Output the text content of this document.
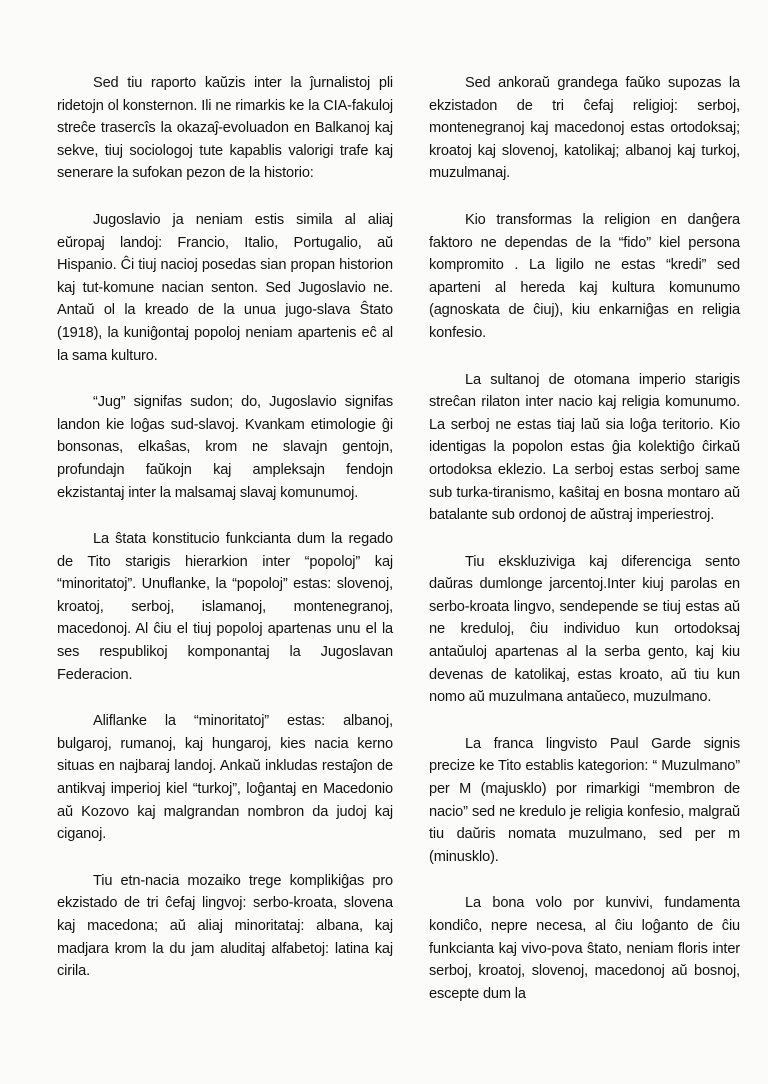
Sed tiu raporto kaŭzis inter la ĵurnalistoj pli ridetojn ol konsternon. Ili ne rimarkis ke la CIA-fakuloj streĉe trasercîs la okazaĵ-evoluadon en Balkanoj kaj sekve, tiuj sociologoj tute kapablis valorigi trafe kaj senerare la sufokan pezon de la historio:

Jugoslavio ja neniam estis simila al aliaj eŭropaj landoj: Francio, Italio, Portugalio, aŭ Hispanio. Ĉi tiuj nacioj posedas sian propan historion kaj tut-komune nacian senton. Sed Jugoslavio ne. Antaŭ ol la kreado de la unua jugo-slava Ŝtato (1918), la kuniĝontaj popoloj neniam apartenis eĉ al la sama kulturo.

“Jug” signifas sudon; do, Jugoslavio signifas landon kie loĝas sud-slavoj. Kvankam etimologie ĝi bonsonas, elkaŝas, krom ne slavajn gentojn, profundajn faŭkojn kaj ampleksajn fendojn ekzistantaj inter la malsamaj slavaj komunumoj.

La ŝtata konstitucio funkcianta dum la regado de Tito starigis hierarkion inter “popoloj” kaj “minoritatoj”. Unuflanke, la “popoloj” estas: slovenoj, kroatoj, serboj, islamanoj, montenegranoj, macedonoj. Al ĉiu el tiuj popoloj apartenas unu el la ses respublikoj komponantaj la Jugoslavan Federacion.

Aliflanke la “minoritatoj” estas: albanoj, bulgaroj, rumanoj, kaj hungaroj, kies nacia kerno situas en najbaraj landoj. Ankaŭ inkludas restaĵon de antikvaj imperioj kiel “turkoj”, loĝantaj en Macedonio aŭ Kozovo kaj malgrandan nombron da judoj kaj ciganoj.

Tiu etn-nacia mozaiko trege komplikiĝas pro ekzistado de tri ĉefaj lingvoj: serbo-kroata, slovena kaj macedona; aŭ aliaj minoritataj: albana, kaj madjara krom la du jam aluditaj alfabetoj: latina kaj cirila.

Sed ankoraŭ grandega faŭko supozas la ekzistadon de tri ĉefaj religioj: serboj, montenegranoj kaj macedonoj estas ortodoksaj; kroatoj kaj slovenoj, katolikaj; albanoj kaj turkoj, muzulmanaj.

Kio transformas la religion en danĝera faktoro ne dependas de la “fido” kiel persona kompromito . La ligilo ne estas “kredi” sed aparteni al hereda kaj kultura komunumo (agnoskata de ĉiuj), kiu enkarniĝas en religia konfesio.

La sultanoj de otomana imperio starigis streĉan rilaton inter nacio kaj religia komunumo. La serboj ne estas tiaj laŭ sia loĝa teritorio. Kio identigas la popolon estas ĝia kolektiĝo ĉirkaŭ ortodoksa eklezio. La serboj estas serboj same sub turka-tiranismo, kaŝitaj en bosna montaro aŭ batalante sub ordonoj de aŭstraj imperiestroj.

Tiu ekskluziviga kaj diferenciga sento daŭras dumlonge jarcentoj.Inter kiuj parolas en serbo-kroata lingvo, sendepende se tiuj estas aŭ ne kreduloj, ĉiu individuo kun ortodoksaj antaŭuloj apartenas al la serba gento, kaj kiu devenas de katolikaj, estas kroato, aŭ tiu kun nomo aŭ muzulmana antaŭeco, muzulmano.

La franca lingvisto Paul Garde signis precize ke Tito establis kategorion: “ Muzulmano” per M (majusklo) por rimarkigi “membron de nacio” sed ne kredulo je religia konfesio, malgraŭ tiu daŭris nomata muzulmano, sed per m (minusklo).

La bona volo por kunvivi, fundamenta kondiĉo, nepre necesa, al ĉiu loĝanto de ĉiu funkcianta kaj vivo-pova ŝtato, neniam floris inter serboj, kroatoj, slovenoj, macedonoj aŭ bosnoj, escepte dum la
